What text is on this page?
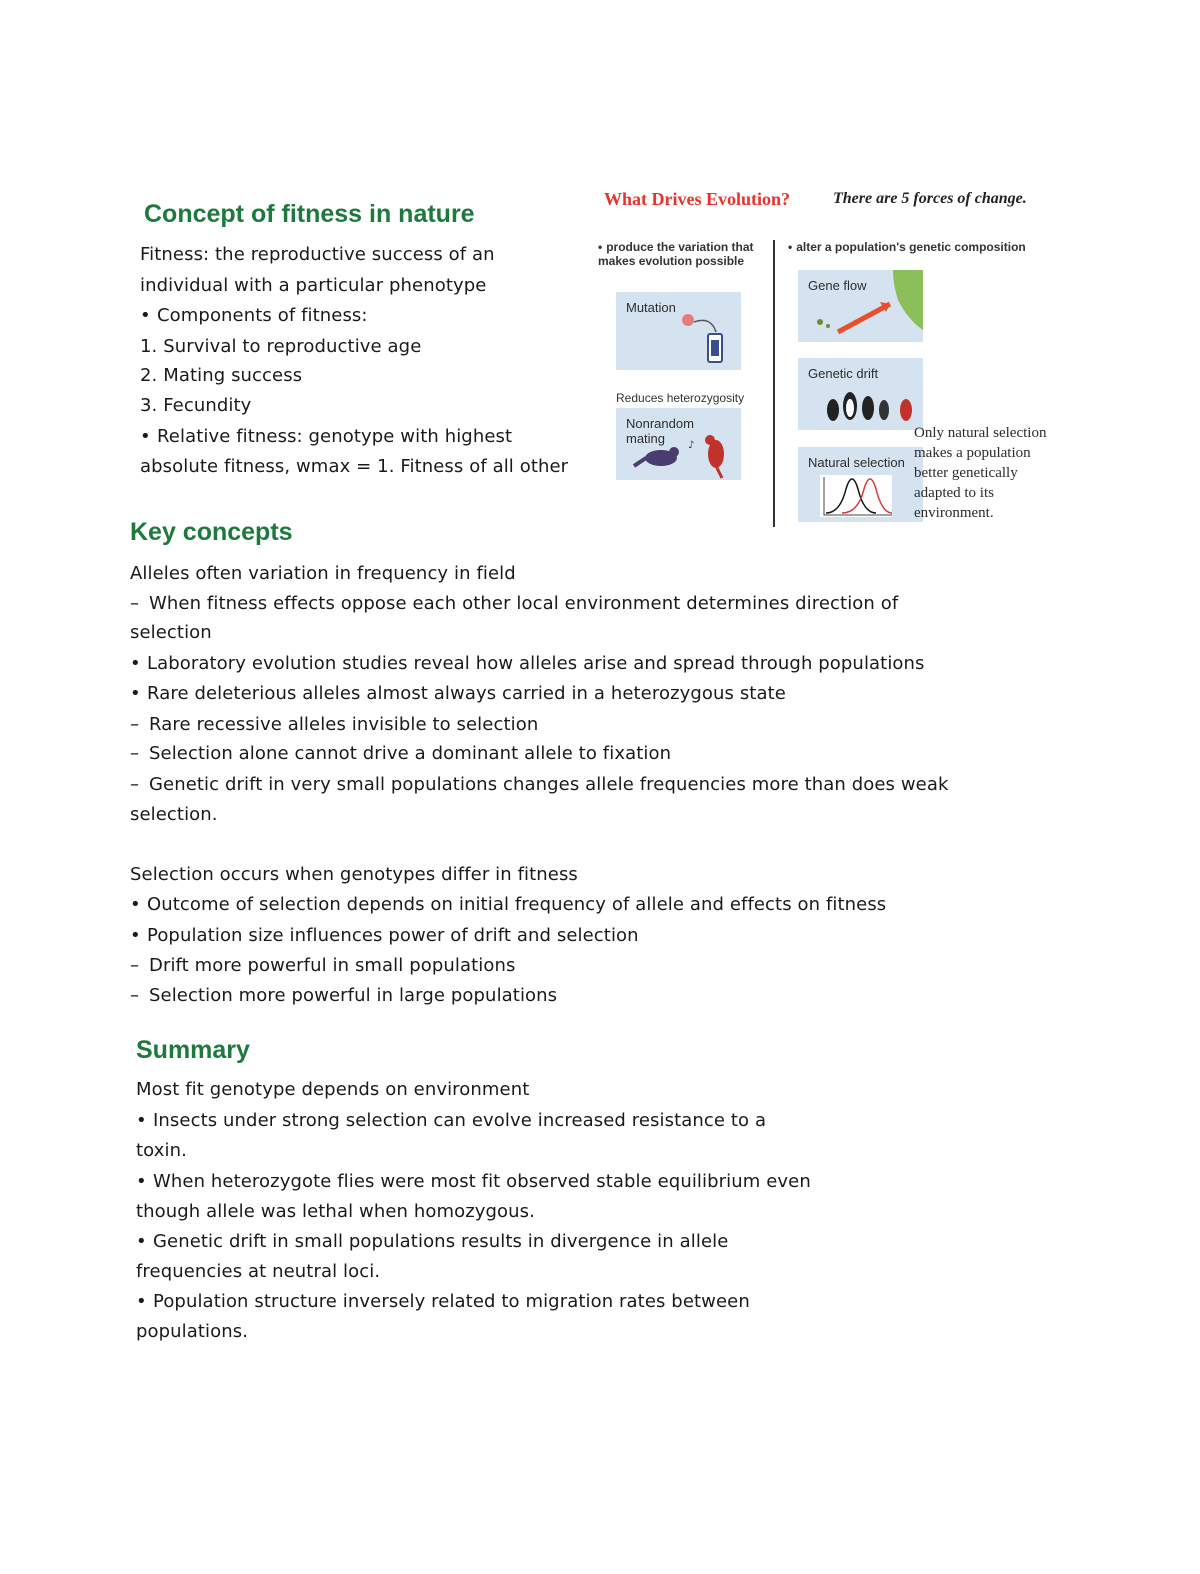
Concept of fitness in nature
Fitness: the reproductive success of an
individual with a particular phenotype
•Components of fitness:
1. Survival to reproductive age
2. Mating success
3. Fecundity
•Relative fitness: genotype with highest
absolute fitness, wmax = 1. Fitness of all other
What Drives Evolution?	There are 5 forces of change.
• produce the variation that makes evolution possible
• alter a population's genetic composition
Mutation
Reduces heterozygosity
Nonrandom mating	♪
Gene flow
Genetic drift
Natural selection
Only natural selection makes a population better genetically adapted to its environment.
Key concepts
Alleles often variation in frequency in field
–When fitness effects oppose each other local environment determines direction of
selection
•Laboratory evolution studies reveal how alleles arise and spread through populations
•Rare deleterious alleles almost always carried in a heterozygous state
–Rare recessive alleles invisible to selection
–Selection alone cannot drive a dominant allele to fixation
–Genetic drift in very small populations changes allele frequencies more than does weak
selection.
Selection occurs when genotypes differ in fitness
•Outcome of selection depends on initial frequency of allele and effects on fitness
•Population size influences power of drift and selection
–Drift more powerful in small populations
–Selection more powerful in large populations
Summary
Most fit genotype depends on environment
•Insects under strong selection can evolve increased resistance to a
toxin.
•When heterozygote flies were most fit observed stable equilibrium even
though allele was lethal when homozygous.
•Genetic drift in small populations results in divergence in allele
frequencies at neutral loci.
•Population structure inversely related to migration rates between
populations.
